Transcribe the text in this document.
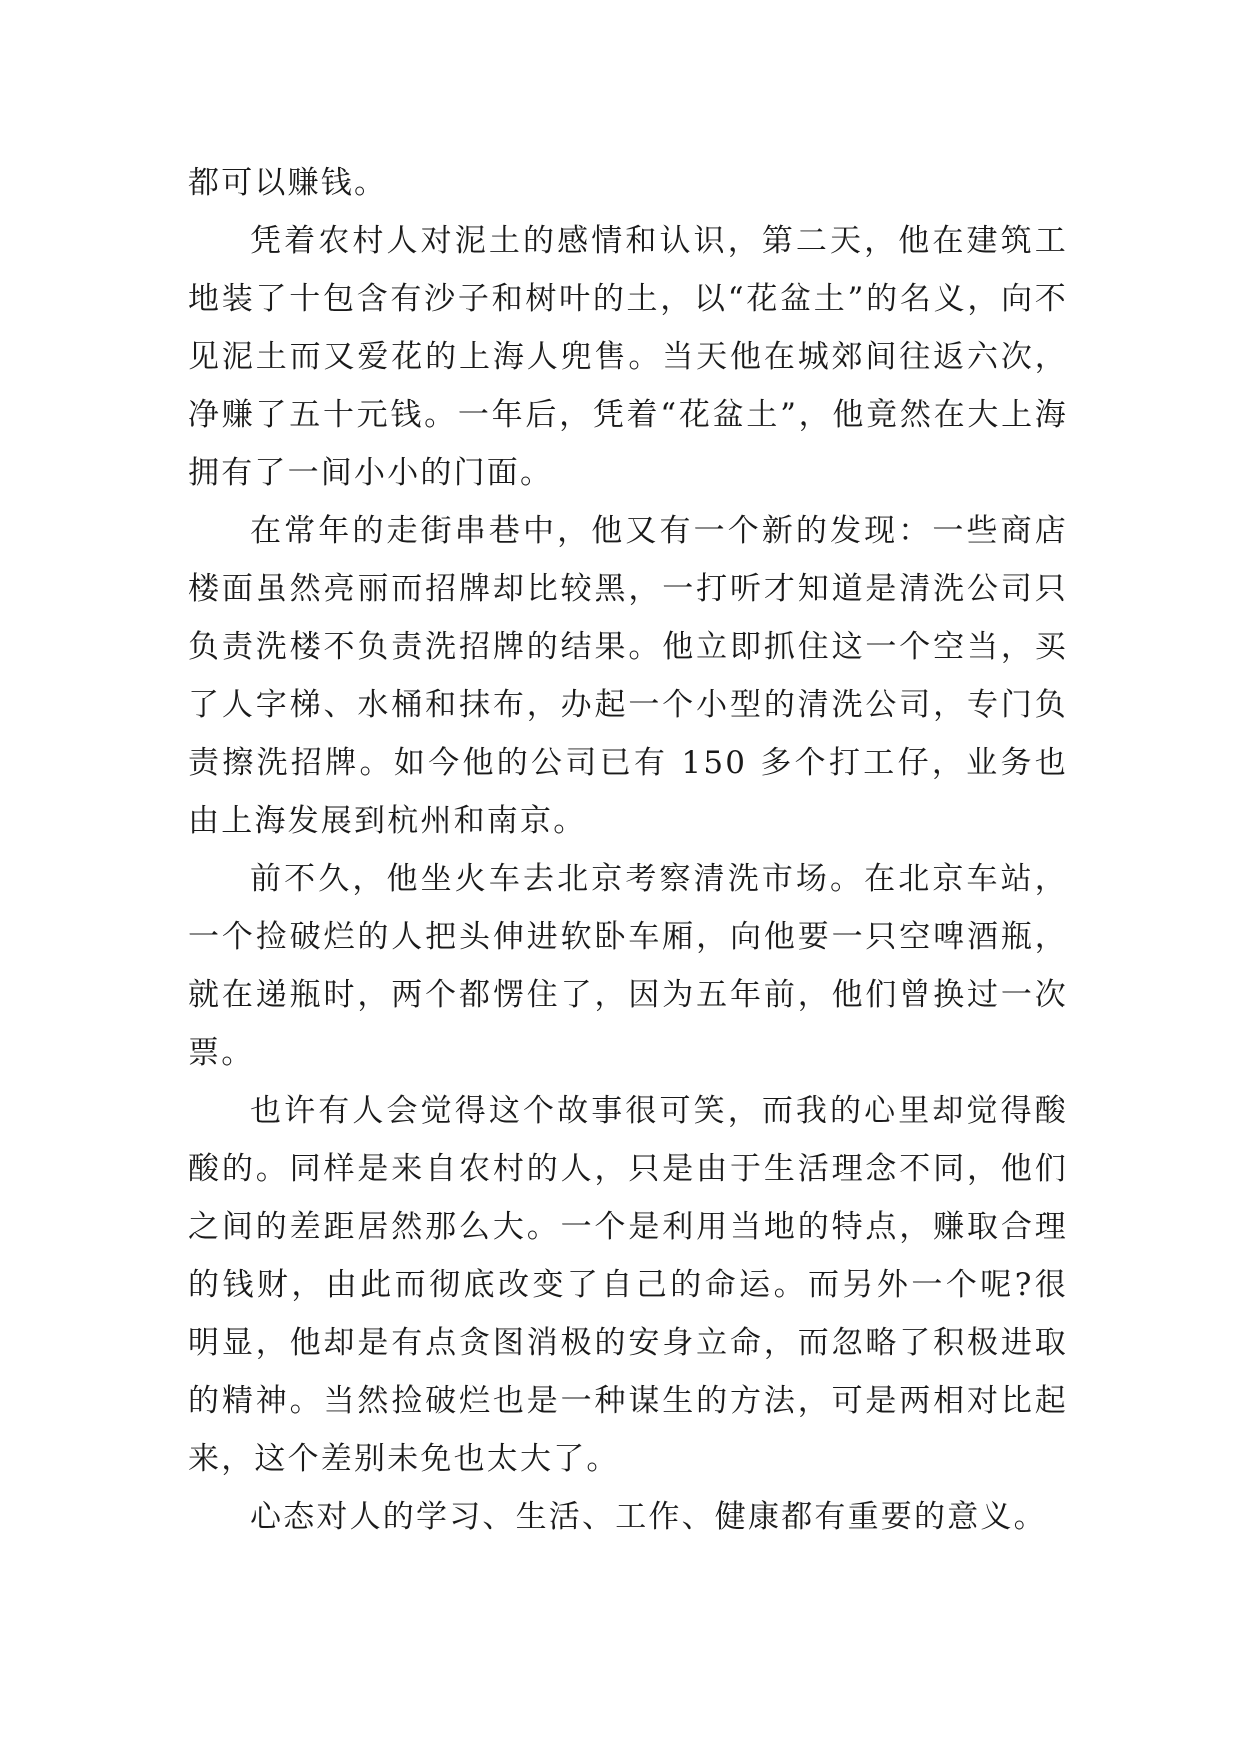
都可以赚钱。

凭着农村人对泥土的感情和认识，第二天，他在建筑工地装了十包含有沙子和树叶的土，以“花盆土”的名义，向不见泥土而又爱花的上海人兜售。当天他在城郊间往返六次，净赚了五十元钱。一年后，凭着“花盆土”，他竟然在大上海拥有了一间小小的门面。

在常年的走街串巷中，他又有一个新的发现：一些商店楼面虽然亮丽而招牌却比较黑，一打听才知道是清洗公司只负责洗楼不负责洗招牌的结果。他立即抓住这一个空当，买了人字梯、水桶和抹布，办起一个小型的清洗公司，专门负责擦洗招牌。如今他的公司已有 150 多个打工仔，业务也由上海发展到杭州和南京。

前不久，他坐火车去北京考察清洗市场。在北京车站，一个捡破烂的人把头伸进软卧车厢，向他要一只空啤酒瓶，就在递瓶时，两个都愣住了，因为五年前，他们曾换过一次票。

也许有人会觉得这个故事很可笑，而我的心里却觉得酸酸的。同样是来自农村的人，只是由于生活理念不同，他们之间的差距居然那么大。一个是利用当地的特点，赚取合理的钱财，由此而彻底改变了自己的命运。而另外一个呢?很明显，他却是有点贪图消极的安身立命，而忽略了积极进取的精神。当然捡破烂也是一种谋生的方法，可是两相对比起来，这个差别未免也太大了。

心态对人的学习、生活、工作、健康都有重要的意义。
